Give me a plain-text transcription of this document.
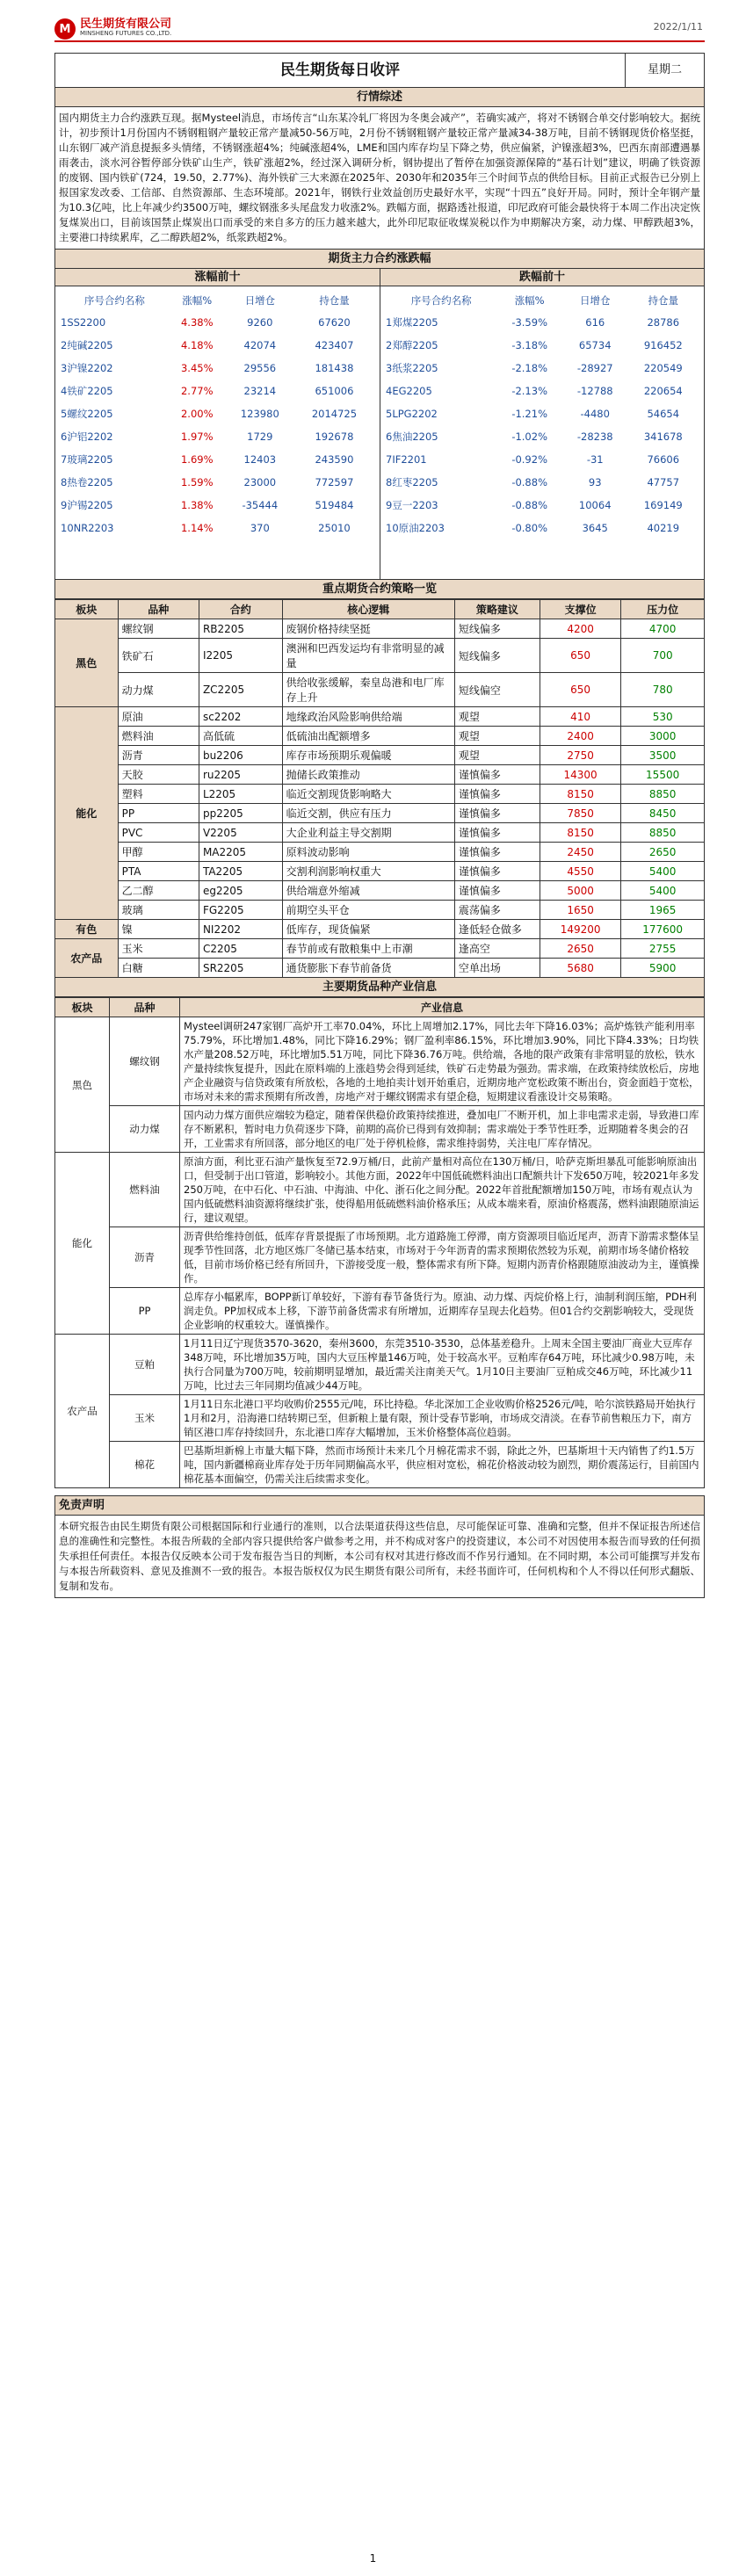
M 民生期货有限公司
MINSHENG FUTURES CO.,LTD.
2022/1/11
民生期货每日收评	星期二
行情综述
国内期货主力合约涨跌互现。据Mysteel消息，市场传言“山东某冷轧厂将因为冬奥会减产”，若确实减产，将对不锈钢合单交付影响较大。据统计，初步预计1月份国内不锈钢粗钢产量较正常产量减50-56万吨，2月份不锈钢粗钢产量较正常产量减34-38万吨，目前不锈钢现货价格坚挺，山东钢厂减产消息提振多头情绪，不锈钢涨超4%；纯碱涨超4%，LME和国内库存均呈下降之势，供应偏紧，沪镍涨超3%，巴西东南部遭遇暴雨袭击，淡水河谷暂停部分铁矿山生产，铁矿涨超2%，经过深入调研分析，钢协提出了暂停在加强资源保障的“基石计划”建议，明确了铁资源的废钢、国内铁矿(724，19.50，2.77%)、海外铁矿三大来源在2025年、2030年和2035年三个时间节点的供给目标。目前正式报告已分别上报国家发改委、工信部、自然资源部、生态环境部。2021年，钢铁行业效益创历史最好水平，实现“十四五”良好开局。同时，预计全年钢产量为10.3亿吨，比上年减少约3500万吨，螺纹钢涨多头尾盘发力收涨2%。跌幅方面，据路透社报道，印尼政府可能会最快将于本周二作出决定恢复煤炭出口，目前该国禁止煤炭出口而承受的来自多方的压力越来越大，此外印尼取征收煤炭税以作为申期解决方案，动力煤、甲醇跌超3%，主要港口持续累库，乙二醇跌超2%，纸浆跌超2%。
期货主力合约涨跌幅
涨幅前十
序号合约名称	涨幅%	日增仓	持仓量
1SS2200	4.38%	9260	67620
2纯碱2205	4.18%	42074	423407
3沪镍2202	3.45%	29556	181438
4铁矿2205	2.77%	23214	651006
5螺纹2205	2.00%	123980	2014725
6沪铝2202	1.97%	1729	192678
7玻璃2205	1.69%	12403	243590
8热卷2205	1.59%	23000	772597
9沪锡2205	1.38%	-35444	519484
10NR2203	1.14%	370	25010
跌幅前十
序号合约名称	涨幅%	日增仓	持仓量
1郑煤2205	-3.59%	616	28786
2郑醇2205	-3.18%	65734	916452
3纸浆2205	-2.18%	-28927	220549
4EG2205	-2.13%	-12788	220654
5LPG2202	-1.21%	-4480	54654
6焦油2205	-1.02%	-28238	341678
7IF2201	-0.92%	-31	76606
8红枣2205	-0.88%	93	47757
9豆一2203	-0.88%	10064	169149
10原油2203	-0.80%	3645	40219
重点期货合约策略一览
板块	品种	合约	核心逻辑	策略建议	支撑位	压力位
黑色	螺纹钢	RB2205	废钢价格持续坚挺	短线偏多	4200	4700
	铁矿石	I2205	澳洲和巴西发运均有非常明显的减量	短线偏多	650	700
	动力煤	ZC2205	供给收张缓解，秦皇岛港和电厂库存上升	短线偏空	650	780
能化	原油	sc2202	地缘政治风险影响供给端	观望	410	530
	燃料油	高低硫	低硫油出配额增多	观望	2400	3000
	沥青	bu2206	库存市场预期乐观偏暖	观望	2750	3500
	天胶	ru2205	抛储长政策推动	谨慎偏多	14300	15500
	塑料	L2205	临近交割现货影响略大	谨慎偏多	8150	8850
	PP	pp2205	临近交割，供应有压力	谨慎偏多	7850	8450
	PVC	V2205	大企业利益主导交割期	谨慎偏多	8150	8850
	甲醇	MA2205	原料波动影响	谨慎偏多	2450	2650
	PTA	TA2205	交割利润影响权重大	谨慎偏多	4550	5400
	乙二醇	eg2205	供给端意外缩减	谨慎偏多	5000	5400
	玻璃	FG2205	前期空头平仓	震荡偏多	1650	1965
有色	镍	NI2202	低库存，现货偏紧	逢低轻仓做多	149200	177600
农产品	玉米	C2205	春节前或有散粮集中上市潮	逢高空	2650	2755
	白糖	SR2205	通货膨胀下春节前备货	空单出场	5680	5900
主要期货品种产业信息
板块	品种	产业信息
黑色	螺纹钢	Mysteel调研247家钢厂高炉开工率70.04%，环比上周增加2.17%，同比去年下降16.03%；高炉炼铁产能利用率75.79%，环比增加1.48%，同比下降16.29%；钢厂盈利率86.15%，环比增加3.90%，同比下降4.33%；日均铁水产量208.52万吨，环比增加5.51万吨，同比下降36.76万吨。供给端，各地的限产政策有非常明显的放松，铁水产量持续恢复提升，因此在原料端的上涨趋势会得到延续，铁矿石走势最为强劲。需求端，在政策持续放松后，房地产企业融资与信贷政策有所放松，各地的土地拍卖计划开始重启，近期房地产宽松政策不断出台，资金面趋于宽松，市场对未来的需求预期有所改善，房地产对于螺纹钢需求有望企稳，短期建议看涨设计交易策略。
	动力煤	国内动力煤方面供应端较为稳定，随着保供稳价政策持续推进，叠加电厂不断开机，加上非电需求走弱，导致港口库存不断累积，暂时电力负荷逐步下降，前期的高价已得到有效抑制；需求端处于季节性旺季，近期随着冬奥会的召开，工业需求有所回落，部分地区的电厂处于停机检修，需求维持弱势，关注电厂库存情况。
能化	燃料油	原油方面，利比亚石油产量恢复至72.9万桶/日，此前产量相对高位在130万桶/日，哈萨克斯坦暴乱可能影响原油出口，但受制于出口管道，影响较小。其他方面，2022年中国低硫燃料油出口配额共计下发650万吨，较2021年多发250万吨，在中石化、中石油、中海油、中化、浙石化之间分配。2022年首批配额增加150万吨，市场有观点认为国内低硫燃料油资源将继续扩张，使得船用低硫燃料油价格承压；从成本端来看，原油价格震荡，燃料油跟随原油运行，建议观望。
	沥青	沥青供给维持创低，低库存背景提振了市场预期。北方道路施工停滞，南方资源项目临近尾声，沥青下游需求整体呈现季节性回落，北方地区炼厂冬储已基本结束，市场对于今年沥青的需求预期依然较为乐观，前期市场冬储价格较低，目前市场价格已经有所回升，下游接受度一般，整体需求有所下降。短期内沥青价格跟随原油波动为主，谨慎操作。
	PP	总库存小幅累库，BOPP新订单较好，下游有春节备货行为。原油、动力煤、丙烷价格上行，油制利润压缩，PDH利润走负。PP加权成本上移，下游节前备货需求有所增加，近期库存呈现去化趋势。但01合约交割影响较大，受现货企业影响的权重较大。谨慎操作。
农产品	豆粕	1月11日辽宁现货3570-3620，秦州3600，东莞3510-3530，总体基差稳升。上周末全国主要油厂商业大豆库存348万吨，环比增加35万吨，国内大豆压榨量146万吨，处于较高水平。豆粕库存64万吨，环比减少0.98万吨，未执行合同量为700万吨，较前期明显增加，最近需关注南美天气。1月10日主要油厂豆粕成交46万吨，环比减少11万吨，比过去三年同期均值减少44万吨。
	玉米	1月11日东北港口平均收购价2555元/吨，环比持稳。华北深加工企业收购价格2526元/吨，哈尔滨铁路局开始执行1月和2月，沿海港口结转期已至，但新粮上量有限，预计受春节影响，市场成交清淡。在春节前售粮压力下，南方销区港口库存持续回升，东北港口库存大幅增加，玉米价格整体高位趋弱。
	棉花	巴基斯坦新棉上市量大幅下降，然而市场预计未来几个月棉花需求不弱，除此之外，巴基斯坦十天内销售了约1.5万吨，国内新疆棉商业库存处于历年同期偏高水平，供应相对宽松，棉花价格波动较为剧烈，期价震荡运行，目前国内棉花基本面偏空，仍需关注后续需求变化。
免责声明
本研究报告由民生期货有限公司根据国际和行业通行的准则，以合法渠道获得这些信息，尽可能保证可靠、准确和完整，但并不保证报告所述信息的准确性和完整性。本报告所载的全部内容只提供给客户做参考之用，并不构成对客户的投资建议，本公司不对因使用本报告而导致的任何损失承担任何责任。本报告仅反映本公司于发布报告当日的判断，本公司有权对其进行修改而不作另行通知。在不同时期，本公司可能撰写并发布与本报告所载资料、意见及推测不一致的报告。本报告版权仅为民生期货有限公司所有，未经书面许可，任何机构和个人不得以任何形式翻版、复制和发布。
1
